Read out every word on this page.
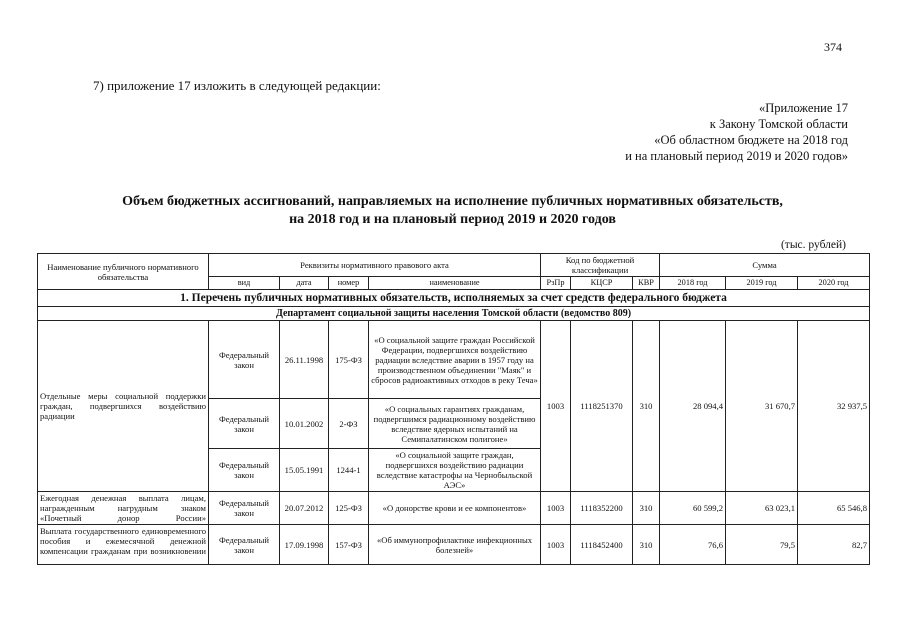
374
7) приложение 17 изложить в следующей редакции:
«Приложение 17
к Закону Томской области
«Об областном бюджете на 2018 год
и на плановый период 2019 и 2020 годов»
Объем бюджетных ассигнований, направляемых на исполнение публичных нормативных обязательств,
на 2018 год и на плановый период 2019 и 2020 годов
(тыс. рублей)
Наименование публичного нормативного обязательства	Реквизиты нормативного правового акта				Код по бюджетной классификации			Сумма		
	вид	дата	номер	наименование	РзПр	КЦСР	КВР	2018 год	2019 год	2020 год
1. Перечень публичных нормативных обязательств, исполняемых за счет средств федерального бюджета										
Департамент социальной защиты населения Томской области (ведомство 809)										
Отдельные меры социальной поддержки граждан, подвергшихся воздействию радиации	Федеральный закон	26.11.1998	175-ФЗ	«О социальной защите граждан Российской Федерации, подвергшихся воздействию радиации вследствие аварии в 1957 году на производственном объединении "Маяк" и сбросов радиоактивных отходов в реку Теча»	1003	1118251370	310	28 094,4	31 670,7	32 937,5
	Федеральный закон	10.01.2002	2-ФЗ	«О социальных гарантиях гражданам, подвергшимся радиационному воздействию вследствие ядерных испытаний на Семипалатинском полигоне»						
	Федеральный закон	15.05.1991	1244-1	«О социальной защите граждан, подвергшихся воздействию радиации вследствие катастрофы на Чернобыльской АЭС»						
Ежегодная денежная выплата лицам, награжденным нагрудным знаком «Почетный донор России»	Федеральный закон	20.07.2012	125-ФЗ	«О донорстве крови и ее компонентов»	1003	1118352200	310	60 599,2	63 023,1	65 546,8
Выплата государственного единовременного пособия и ежемесячной денежной компенсации гражданам при возникновении	Федеральный закон	17.09.1998	157-ФЗ	«Об иммунопрофилактике инфекционных болезней»	1003	1118452400	310	76,6	79,5	82,7
